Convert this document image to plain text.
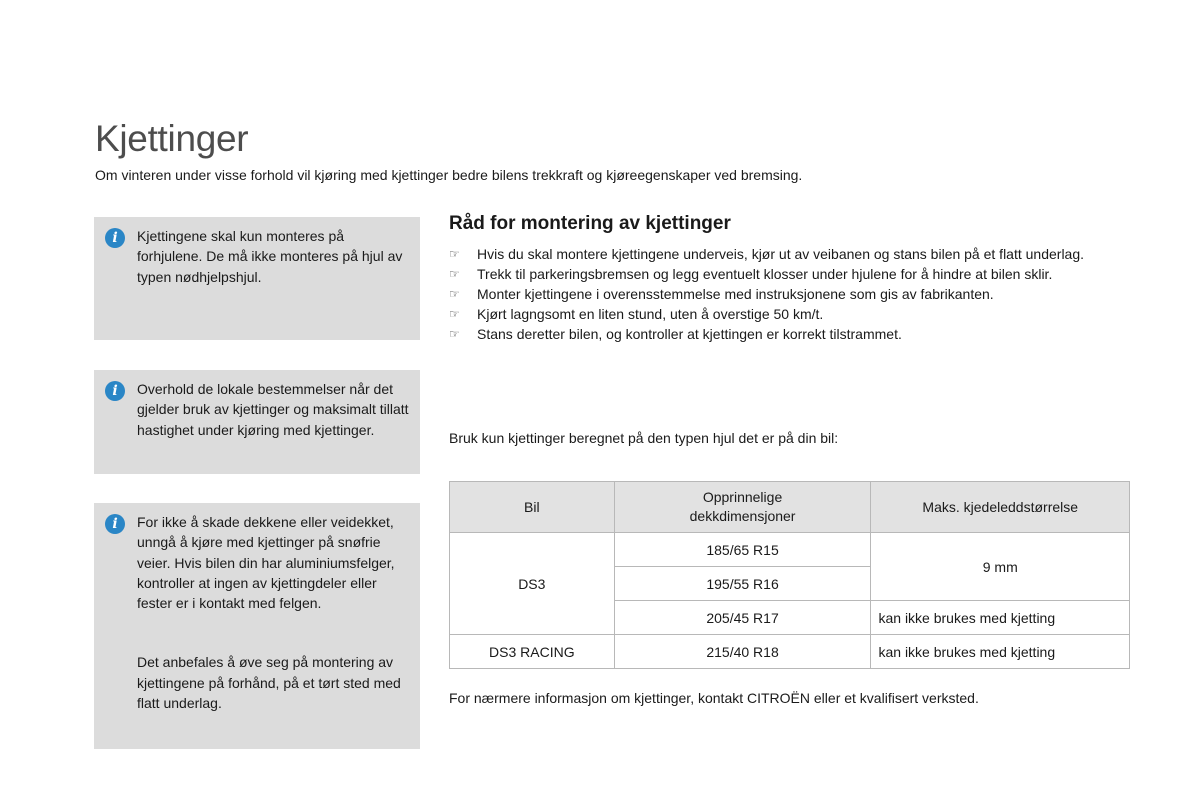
Kjettinger
Om vinteren under visse forhold vil kjøring med kjettinger bedre bilens trekkraft og kjøreegenskaper ved bremsing.
i	Kjettingene skal kun monteres på forhjulene. De må ikke monteres på hjul av typen nødhjelpshjul.

i	Overhold de lokale bestemmelser når det gjelder bruk av kjettinger og maksimalt tillatt hastighet under kjøring med kjettinger.

i	For ikke å skade dekkene eller veidekket, unngå å kjøre med kjettinger på snøfrie veier. Hvis bilen din har aluminiumsfelger, kontroller at ingen av kjettingdeler eller fester er i kontakt med felgen.

Det anbefales å øve seg på montering av kjettingene på forhånd, på et tørt sted med flatt underlag.

Råd for montering av kjettinger
☞ Hvis du skal montere kjettingene underveis, kjør ut av veibanen og stans bilen på et flatt underlag.
☞ Trekk til parkeringsbremsen og legg eventuelt klosser under hjulene for å hindre at bilen sklir.
☞ Monter kjettingene i overensstemmelse med instruksjonene som gis av fabrikanten.
☞ Kjørt lagngsomt en liten stund, uten å overstige 50 km/t.
☞ Stans deretter bilen, og kontroller at kjettingen er korrekt tilstrammet.
Bruk kun kjettinger beregnet på den typen hjul det er på din bil:
Bil	Opprinnelige dekkdimensjoner	Maks. kjedeleddstørrelse
DS3	185/65 R15	9 mm
	195/55 R16	
	205/45 R17	kan ikke brukes med kjetting
DS3 RACING	215/40 R18	kan ikke brukes med kjetting
For nærmere informasjon om kjettinger, kontakt CITROËN eller et kvalifisert verksted.
